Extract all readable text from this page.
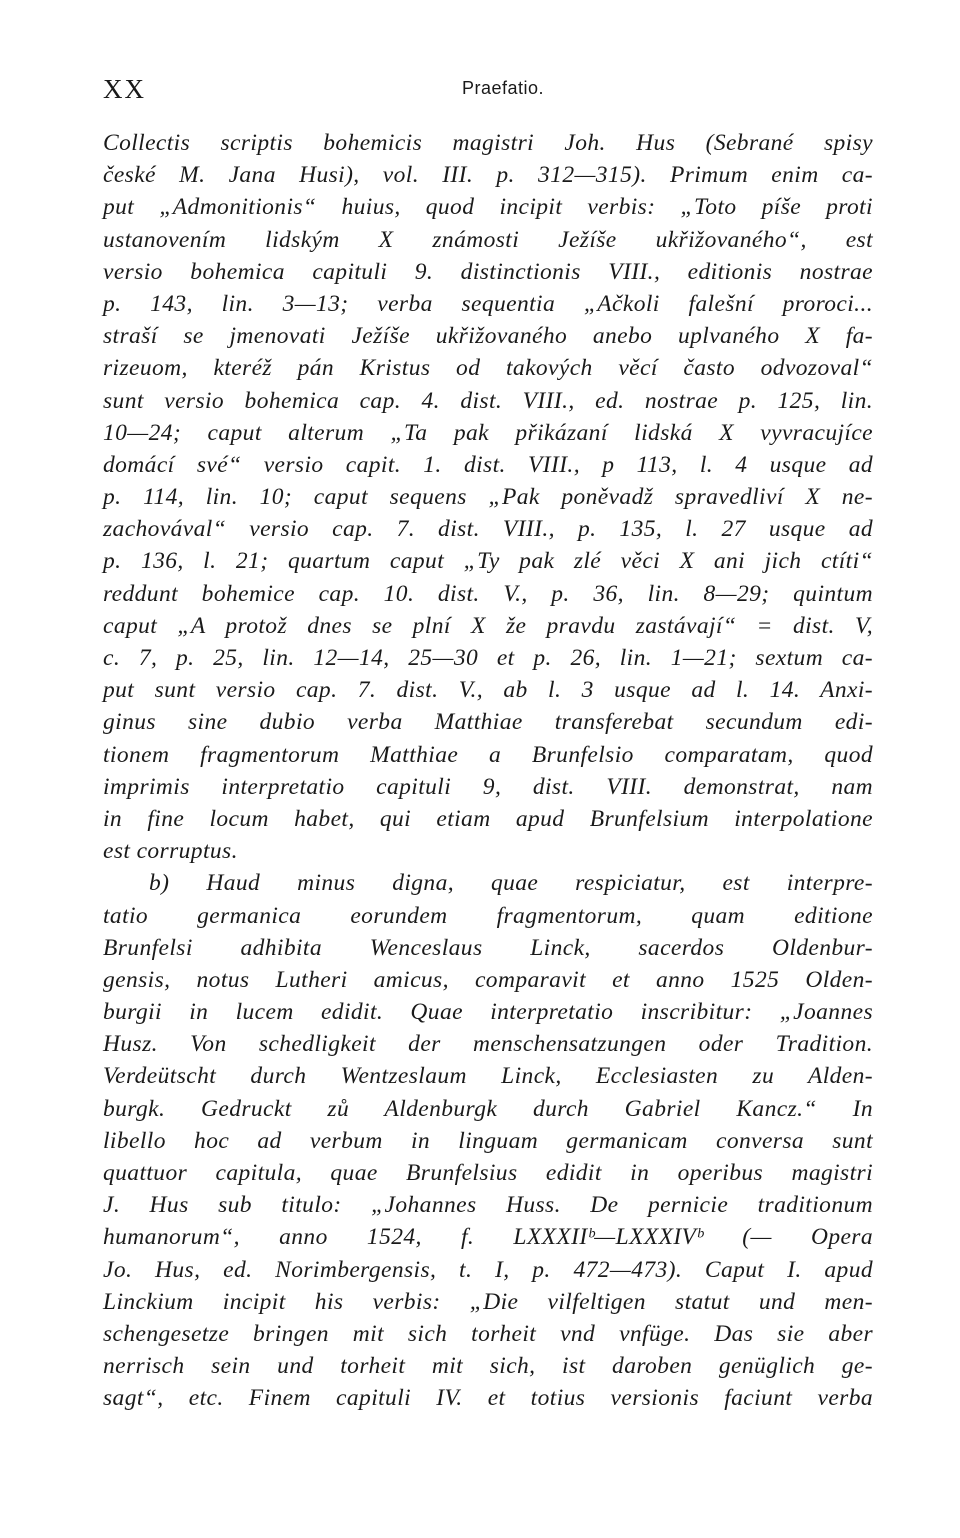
XX	Praefatio.
Collectis scriptis bohemicis magistri Joh. Hus (Sebrané spisy
české M. Jana Husi), vol. III. p. 312—315). Primum enim ca-
put „Admonitionis“ huius, quod incipit verbis: „Toto píše proti
ustanovením lidským X známosti Ježíše ukřižovaného“, est
versio bohemica capituli 9. distinctionis VIII., editionis nostrae
p. 143, lin. 3—13; verba sequentia „Ačkoli falešní proroci...
straší se jmenovati Ježíše ukřižovaného anebo uplvaného X fa-
rizeuom, kteréž pán Kristus od takových věcí často odvozoval“
sunt versio bohemica cap. 4. dist. VIII., ed. nostrae p. 125, lin.
10—24; caput alterum „Ta pak přikázaní lidská X vyvracujíce
domácí své“ versio capit. 1. dist. VIII., p 113, l. 4 usque ad
p. 114, lin. 10; caput sequens „Pak poněvadž spravedliví X ne-
zachovával“ versio cap. 7. dist. VIII., p. 135, l. 27 usque ad
p. 136, l. 21; quartum caput „Ty pak zlé věci X ani jich ctíti“
reddunt bohemice cap. 10. dist. V., p. 36, lin. 8—29; quintum
caput „A protož dnes se plní X že pravdu zastávají“ = dist. V,
c. 7, p. 25, lin. 12—14, 25—30 et p. 26, lin. 1—21; sextum ca-
put sunt versio cap. 7. dist. V., ab l. 3 usque ad l. 14. Anxi-
ginus sine dubio verba Matthiae transferebat secundum edi-
tionem fragmentorum Matthiae a Brunfelsio comparatam, quod
imprimis interpretatio capituli 9, dist. VIII. demonstrat, nam
in fine locum habet, qui etiam apud Brunfelsium interpolatione
est corruptus.
b) Haud minus digna, quae respiciatur, est interpre-
tatio germanica eorundem fragmentorum, quam editione
Brunfelsi adhibita Wenceslaus Linck, sacerdos Oldenbur-
gensis, notus Lutheri amicus, comparavit et anno 1525 Olden-
burgii in lucem edidit. Quae interpretatio inscribitur: „Joannes
Husz. Von schedligkeit der menschensatzungen oder Tradition.
Verdeütscht durch Wentzeslaum Linck, Ecclesiasten zu Alden-
burgk. Gedruckt zů Aldenburgk durch Gabriel Kancz.“ In
libello hoc ad verbum in linguam germanicam conversa sunt
quattuor capitula, quae Brunfelsius edidit in operibus magistri
J. Hus sub titulo: „Johannes Huss. De pernicie traditionum
humanorum“, anno 1524, f. LXXXIIᵇ—LXXXIVᵇ (— Opera
Jo. Hus, ed. Norimbergensis, t. I, p. 472—473). Caput I. apud
Linckium incipit his verbis: „Die vilfeltigen statut und men-
schengesetze bringen mit sich torheit vnd vnfüge. Das sie aber
nerrisch sein und torheit mit sich, ist daroben genüglich ge-
sagt“, etc. Finem capituli IV. et totius versionis faciunt verba
